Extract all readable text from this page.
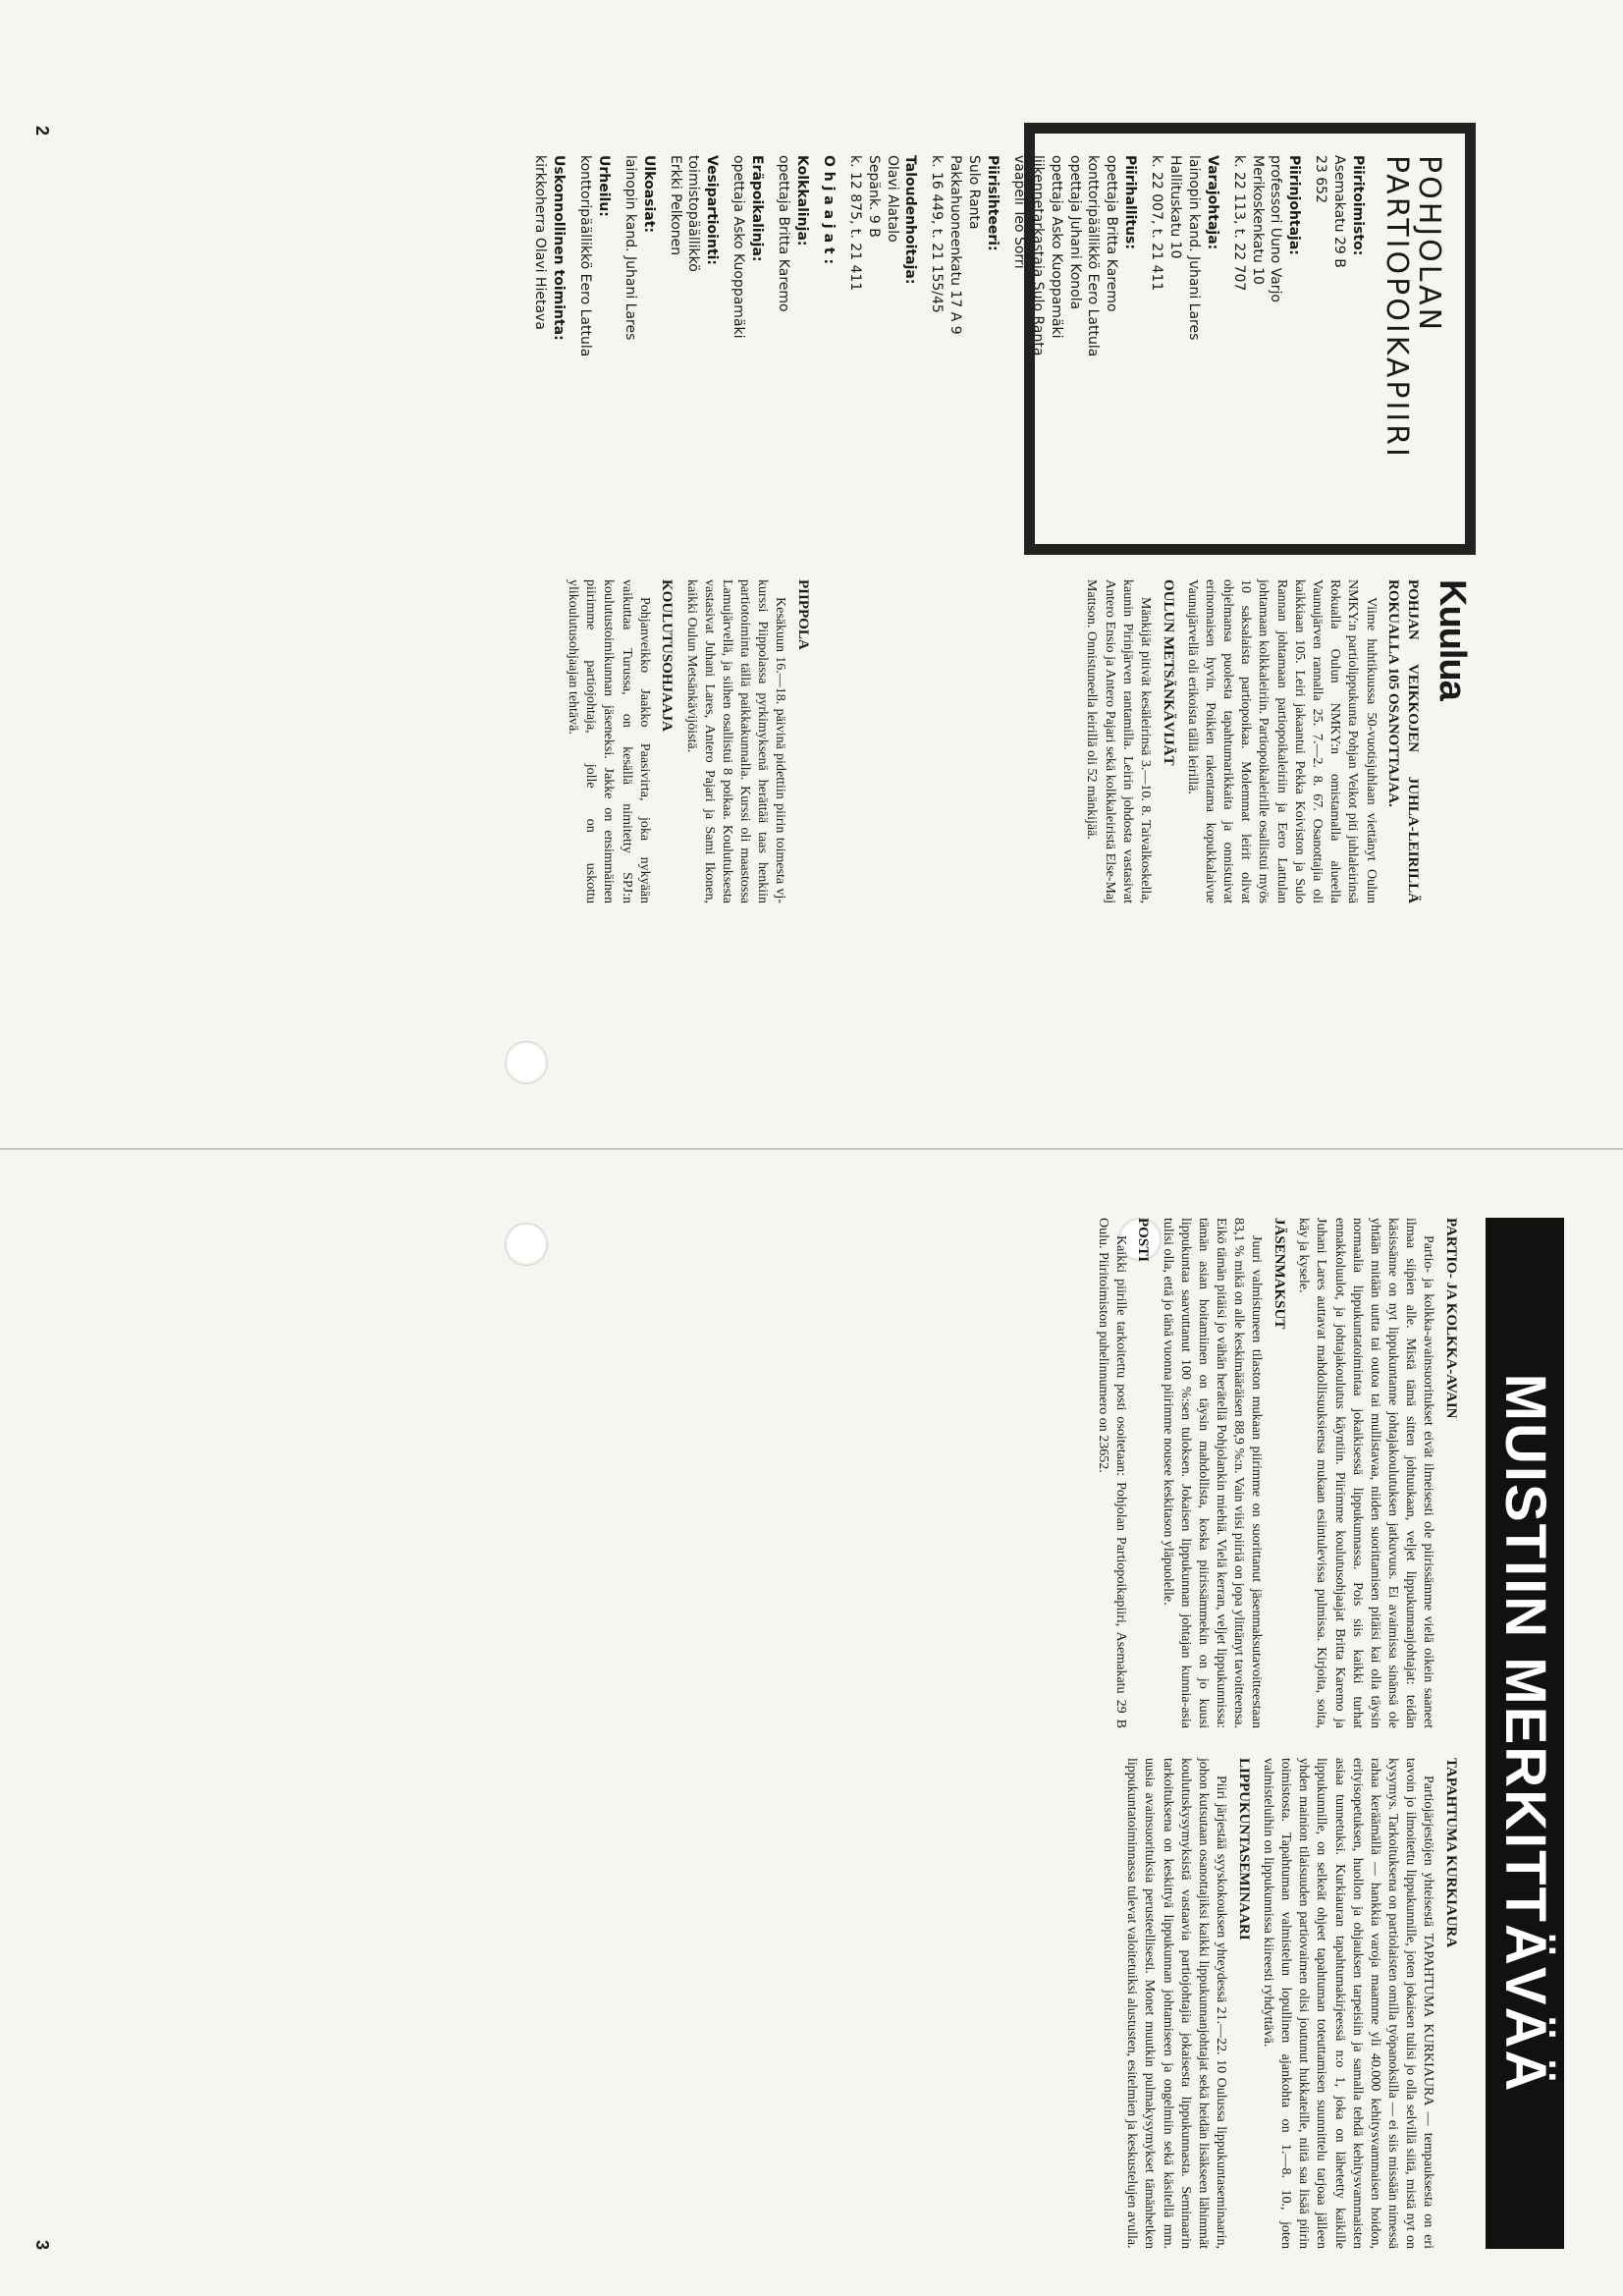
2
POHJOLAN
PARTIOPOIKAPIIRI
Piiritoimisto:
Asemakatu 29 B
23 652
Piirinjohtaja:
professori Uuno Varjo
Merikoskenkatu 10
k. 22 113, t. 22 707
Varajohtaja:
lainopin kand. Juhani Lares
Hallituskatu 10
k. 22 007, t. 21 411
Piirihallitus:
opettaja Britta Karemo
konttoripäällikkö Eero Lattula
opettaja Juhani Konola
opettaja Asko Kuoppamäki
liikennetarkastaja Sulo Ranta
vääpeli Teo Sorri
Piirisihteeri:
Sulo Ranta
Pakkahuoneenkatu 17 A 9
k. 16 449, t. 21 155/45
Taloudenhoitaja:
Olavi Alatalo
Sepänk. 9 B
k. 12 875, t. 21 411
O h j a a j a t :
Kolkkalinja:
opettaja Britta Karemo
Eräpoikalinja:
opettaja Asko Kuoppamäki
Vesipartiointi:
toimistopäällikkö
Erkki Pelkonen
Ulkoasiat:
lainopin kand. Juhani Lares
Urheilu:
konttoripäällikkö Eero Lattula
Uskonnollinen toiminta:
kirkkoherra Olavi Hietava
Kuulua
POHJAN VEIKKOJEN JUHLA-LEIRILLÄ ROKUALLA 105 OSANOTTAJAA.

Viime huhtikuussa 50-vuotisjuhlaan viettänyt Oulun NMKY:n partiolippukunta Pohjan Veikot piti juhlaleirinsä Rokualla Oulun NMKY:n omistamalla alueella Vaunujärven rannalla 25. 7.—2. 8. 67. Osanottajia oli kaikkiaan 105. Leiri jakaantui Pekka Koiviston ja Sulo Rannan johtamaan partiopoikaleiriin ja Eero Lattulan johtamaan kolkkaleiriin. Partiopoikaleirille osallistui myös 10 saksalaista partiopoikaa. Molemmat leirit olivat ohjelmansa puolesta tapahtumarikkaita ja onnistuivat erinomaisen hyvin. Poikien rakentama kopukkalaivue Vaunujärvellä oli erikoista tällä leirillä.

OULUN METSÄNKÄVIJÄT

Mänkijät pitivät kesäleirinsä 3.—10. 8. Taivalkoskella, kaunin Pirinjärven rantamilla. Leirin johdosta vastasivat Antero Ensio ja Antero Pajari sekä kolkkaleiristä Else-Maj Mattson. Onnistuneella leirillä oli 52 mänkijää.

PIIPPOLA

Kesäkuun 16.—18. päivinä pidettiin piirin toimesta vj-kurssi Piippolassa pyrkimyksenä herättää taas henkiin partiotoiminta tällä paikkakunnalla. Kurssi oli maastossa Lamujärvellä, ja siihen osallistui 8 poikaa. Koulutuksesta vastasivat Juhani Lares, Antero Pajari ja Sami Ikonen, kaikki Oulun Metsänkävijöistä.

KOULUTUSOHJAAJA

Pohjanveikko Jaakko Paasivirta, joka nykyään vaikuttaa Turussa, on kesällä nimitetty SPJ:n koulutustoimikunnan jäseneksi. Jakke on ensimmäinen piirimme partiojohtaja, jolle on uskottu ylikoulutusohjaajan tehtävä.

3
MUISTIIN MERKITTÄVÄÄ
PARTIO- JA KOLKKA-AVAIN

Partio- ja kolkka-avainsuoritukset eivät ilmeisesti ole piirissämme vielä oikein saaneet ilmaa siipien alle. Mistä tämä sitten johtuukaan, veljet lippukunnanjohtajat: teidän käsissänne on nyt lippukuntanne johtajakoulutuksen jatkuvuus. Ei avaimissa sinänsä ole yhtään mitään uutta tai outoa tai mullistavaa, niiden suorittamisen pitäisi kai olla täysin normaalia lippukuntatoimintaa jokaikisessä lippukunnassa. Pois siis kaikki turhat ennakkoluulot, ja johtajakoulutus käyntiin. Piirimme koulutusohjaajat Britta Karemo ja Juhani Lares auttavat mahdollisuuksiensa mukaan esiintulevissa pulmissa. Kirjoita, soita, käy ja kysele.

JÄSENMAKSUT

Juuri valmistuneen tilaston mukaan piirimme on suorittanut jäsenmaksutavoitteestaan 83,1 % mikä on alle keskimääräisen 88,9 %:n. Vain viisi piiriä on jopa ylittänyt tavoitteensa. Eikö tämän pitäisi jo vähän herätellä Pohjolankin miehiä. Vielä kerran, veljet lippukunnissa: tämän asian hoitamiinen on täysin mahdollista, koska piirissämmekin on jo kuusi lippukuntaa saavuttanut 100 %:sen tuloksen. Jokaisen lippukunnan johtajan kunnia-asia tulisi olla, että jo tänä vuonna piirimme nousee keskitason yläpuolelle.

POSTI

Kaikki piirille tarkoitettu posti osoitetaan: Pohjolan Partiopoikapiiri, Asemakatu 29 B Oulu. Piiritoimiston puhelinnumero on 23652.

TAPAHTUMA KURKIAURA

Partiojärjestöjen yhteisestä TAPAHTUMA KURKIAURA — tempauksesta on eri tavoin jo ilmoitettu lippukunnille, joten jokaisen tulisi jo olla selvillä siitä, mistä nyt on kysymys. Tarkoituksena on partiolaisten omilla työpanoksilla — ei siis missään nimessä rahaa keräämällä — hankkia varoja maamme yli 40.000 kehitysvammaisen hoidon, erityisopetuksen, huollon ja ohjauksen tarpeisiin ja samalla tehdä kehitysvammaisten asiaa tunnetuksi. Kurkiauran tapahtumakirjeessä n:o 1, joka on lähetetty kaikille lippukunnille, on selkeät ohjeet tapahtuman toteuttamisen suunnittelu tarjoaa jälleen yhden mainion tilaisuuden partiovaimen olisi joutunut hukkateille, niitä saa lisää piirin toimistosta. Tapahtuman valmistelun lopullinen ajankohta on 1.—8. 10., joten valmisteluihin on lippukunnissa kiireesti ryhdyttävä.

LIPPUKUNTASEMINAARI

Piiri järjestää syyskokouksen yhteydessä 21.—22. 10 Oulussa lippukuntaseminaarin, johon kutsutaan osanottajiksi kaikki lippukunnanjohtajat sekä heidän lisäkseen lähimmät koulutuskysymyksistä vastaavia partiojohtajia jokaisesta lippukunnasta. Seminaarin tarkoituksena on keskittyä lippukunnan johtamiseen ja ongelmiin sekä käsitellä mm. uusia avainsuorituksia perusteellisesti. Monet muutkin pulmakysymykset tämänhetken lippukuntatoiminnassa tulevat valoitetuiksi alustusten, esitelmien ja keskustelujen avulla.
